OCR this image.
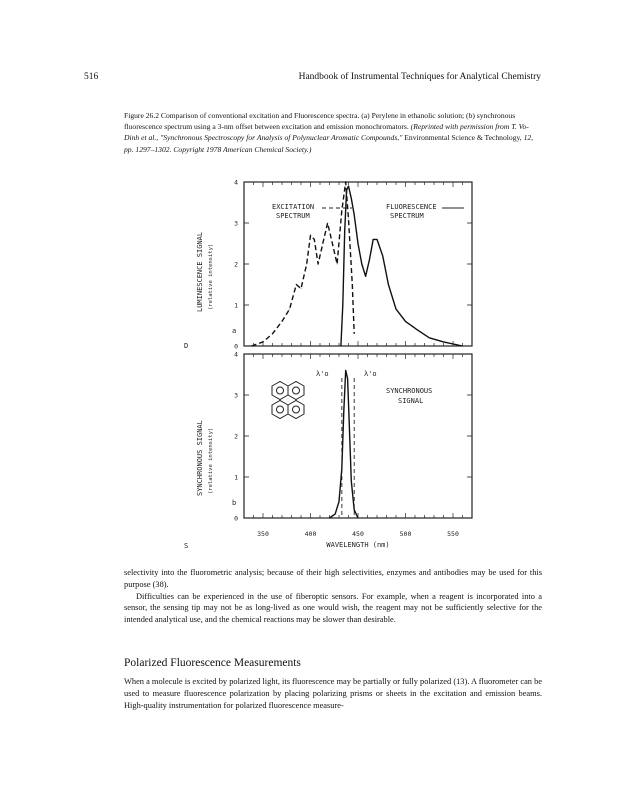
516	Handbook of Instrumental Techniques for Analytical Chemistry
Figure 26.2 Comparison of conventional excitation and Fluorescence spectra. (a) Perylene in ethanolic solution; (b) synchronous fluorescence spectrum using a 3-nm offset between excitation and emission monochromators. (Reprinted with permission from T. Vo-Dinh et al., "Synchronous Spectroscopy for Analysis of Polynuclear Aromatic Compounds," Environmental Science & Technology, 12, pp. 1297–1302. Copyright 1978 American Chemical Society.)
4
3
2
1
0
4
3
2
1
0
350	400	450	500	550
LUMINESCENCE SIGNAL (relative intensity)
SYNCHRONOUS SIGNAL (relative intensity)
D
S
a
b
EXCITATION
SPECTRUM
FLUORESCENCE
SPECTRUM
SYNCHRONOUS
SIGNAL
λ'o	λ'o
WAVELENGTH (nm)

selectivity into the fluorometric analysis; because of their high selectivities, enzymes and antibodies may be used for this purpose (38).

Difficulties can be experienced in the use of fiberoptic sensors. For example, when a reagent is incorporated into a sensor, the sensing tip may not be as long-lived as one would wish, the reagent may not be sufficiently selective for the intended analytical use, and the chemical reactions may be slower than desirable.

Polarized Fluorescence Measurements

When a molecule is excited by polarized light, its fluorescence may be partially or fully polarized (13). A fluorometer can be used to measure fluorescence polarization by placing polarizing prisms or sheets in the excitation and emission beams. High-quality instrumentation for polarized fluorescence measure-
